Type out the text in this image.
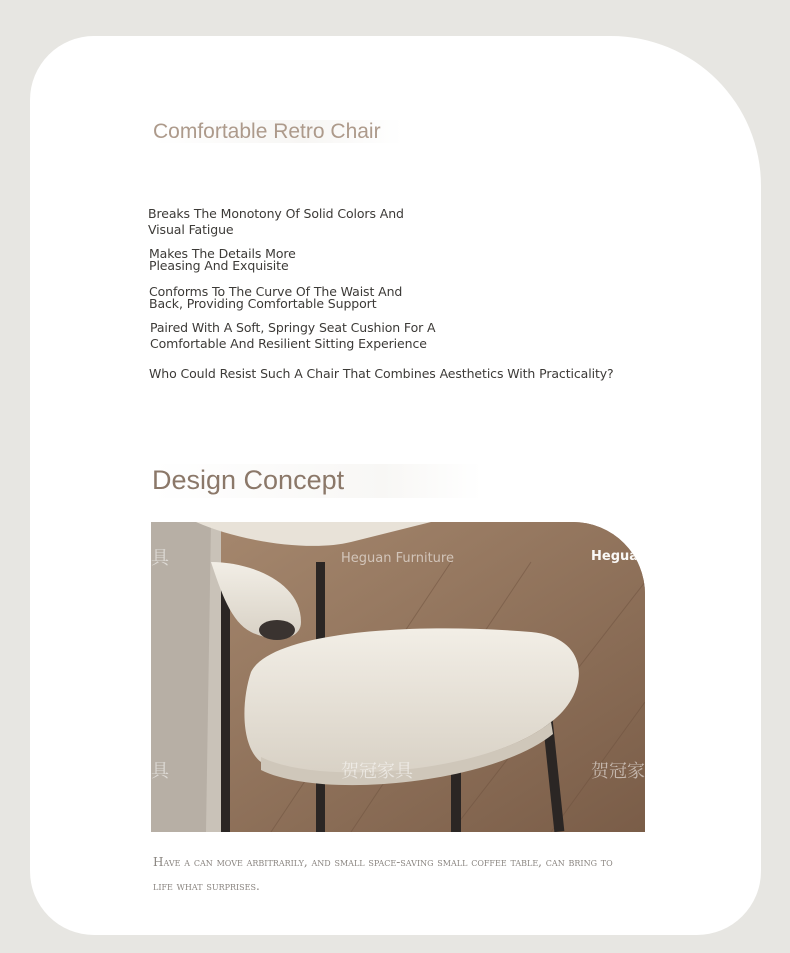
Comfortable Retro Chair
Breaks The Monotony Of Solid Colors And Visual Fatigue
Makes The Details More Pleasing And Exquisite
Conforms To The Curve Of The Waist And Back, Providing Comfortable Support
Paired With A Soft, Springy Seat Cushion For A Comfortable And Resilient Sitting Experience
Who Could Resist Such A Chair That Combines Aesthetics With Practicality?
Design Concept
具	Heguan Furniture	Hegua
具	贺冠家具	贺冠家
Have a can move arbitrarily, and small space-saving small coffee table, can bring to life what surprises.
